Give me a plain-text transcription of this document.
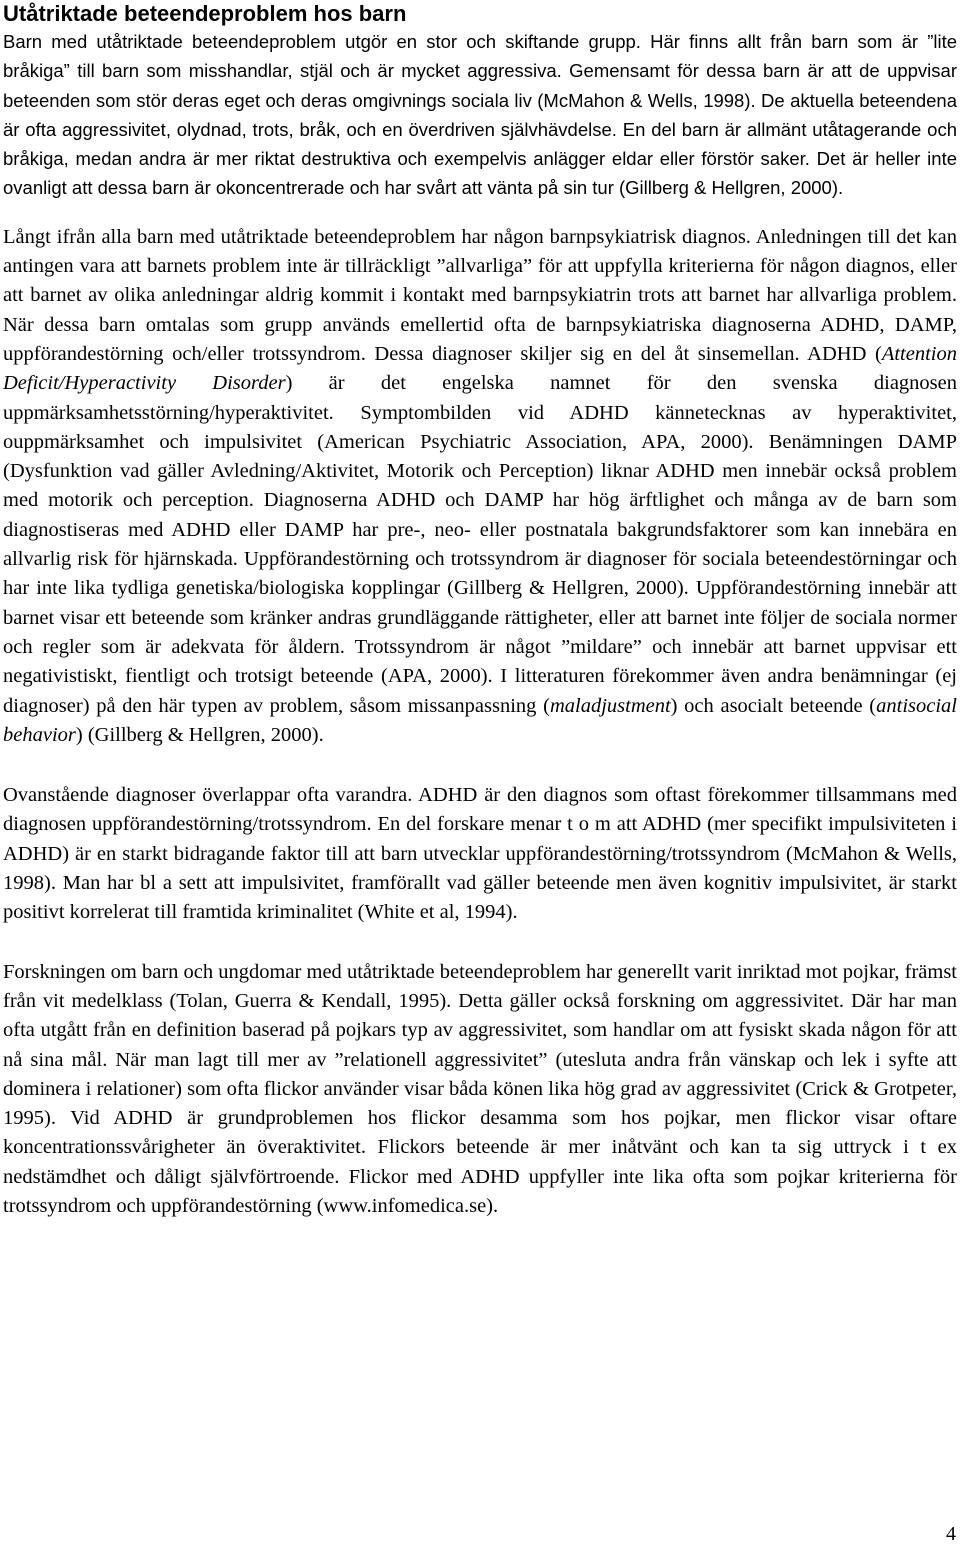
Utåtriktade beteendeproblem hos barn

Barn med utåtriktade beteendeproblem utgör en stor och skiftande grupp. Här finns allt från barn som är ”lite bråkiga” till barn som misshandlar, stjäl och är mycket aggressiva. Gemensamt för dessa barn är att de uppvisar beteenden som stör deras eget och deras omgivnings sociala liv (McMahon & Wells, 1998). De aktuella beteendena är ofta aggressivitet, olydnad, trots, bråk, och en överdriven självhävdelse. En del barn är allmänt utåtagerande och bråkiga, medan andra är mer riktat destruktiva och exempelvis anlägger eldar eller förstör saker. Det är heller inte ovanligt att dessa barn är okoncentrerade och har svårt att vänta på sin tur (Gillberg & Hellgren, 2000).

Långt ifrån alla barn med utåtriktade beteendeproblem har någon barnpsykiatrisk diagnos. Anledningen till det kan antingen vara att barnets problem inte är tillräckligt ”allvarliga” för att uppfylla kriterierna för någon diagnos, eller att barnet av olika anledningar aldrig kommit i kontakt med barnpsykiatrin trots att barnet har allvarliga problem. När dessa barn omtalas som grupp används emellertid ofta de barnpsykiatriska diagnoserna ADHD, DAMP, uppförandestörning och/eller trotssyndrom. Dessa diagnoser skiljer sig en del åt sinsemellan. ADHD (Attention Deficit/Hyperactivity Disorder) är det engelska namnet för den svenska diagnosen uppmärksamhetsstörning/hyperaktivitet. Symptombilden vid ADHD kännetecknas av hyperaktivitet, ouppmärksamhet och impulsivitet (American Psychiatric Association, APA, 2000). Benämningen DAMP (Dysfunktion vad gäller Avledning/Aktivitet, Motorik och Perception) liknar ADHD men innebär också problem med motorik och perception. Diagnoserna ADHD och DAMP har hög ärftlighet och många av de barn som diagnostiseras med ADHD eller DAMP har pre-, neo- eller postnatala bakgrundsfaktorer som kan innebära en allvarlig risk för hjärnskada. Uppförandestörning och trotssyndrom är diagnoser för sociala beteendestörningar och har inte lika tydliga genetiska/biologiska kopplingar (Gillberg & Hellgren, 2000). Uppförandestörning innebär att barnet visar ett beteende som kränker andras grundläggande rättigheter, eller att barnet inte följer de sociala normer och regler som är adekvata för åldern. Trotssyndrom är något ”mildare” och innebär att barnet uppvisar ett negativistiskt, fientligt och trotsigt beteende (APA, 2000). I litteraturen förekommer även andra benämningar (ej diagnoser) på den här typen av problem, såsom missanpassning (maladjustment) och asocialt beteende (antisocial behavior) (Gillberg & Hellgren, 2000).

Ovanstående diagnoser överlappar ofta varandra. ADHD är den diagnos som oftast förekommer tillsammans med diagnosen uppförandestörning/trotssyndrom. En del forskare menar t o m att ADHD (mer specifikt impulsiviteten i ADHD) är en starkt bidragande faktor till att barn utvecklar uppförandestörning/trotssyndrom (McMahon & Wells, 1998). Man har bl a sett att impulsivitet, framförallt vad gäller beteende men även kognitiv impulsivitet, är starkt positivt korrelerat till framtida kriminalitet (White et al, 1994).

Forskningen om barn och ungdomar med utåtriktade beteendeproblem har generellt varit inriktad mot pojkar, främst från vit medelklass (Tolan, Guerra & Kendall, 1995). Detta gäller också forskning om aggressivitet. Där har man ofta utgått från en definition baserad på pojkars typ av aggressivitet, som handlar om att fysiskt skada någon för att nå sina mål. När man lagt till mer av ”relationell aggressivitet” (utesluta andra från vänskap och lek i syfte att dominera i relationer) som ofta flickor använder visar båda könen lika hög grad av aggressivitet (Crick & Grotpeter, 1995). Vid ADHD är grundproblemen hos flickor desamma som hos pojkar, men flickor visar oftare koncentrationssvårigheter än överaktivitet. Flickors beteende är mer inåtvänt och kan ta sig uttryck i t ex nedstämdhet och dåligt självförtroende. Flickor med ADHD uppfyller inte lika ofta som pojkar kriterierna för trotssyndrom och uppförandestörning (www.infomedica.se).

4
